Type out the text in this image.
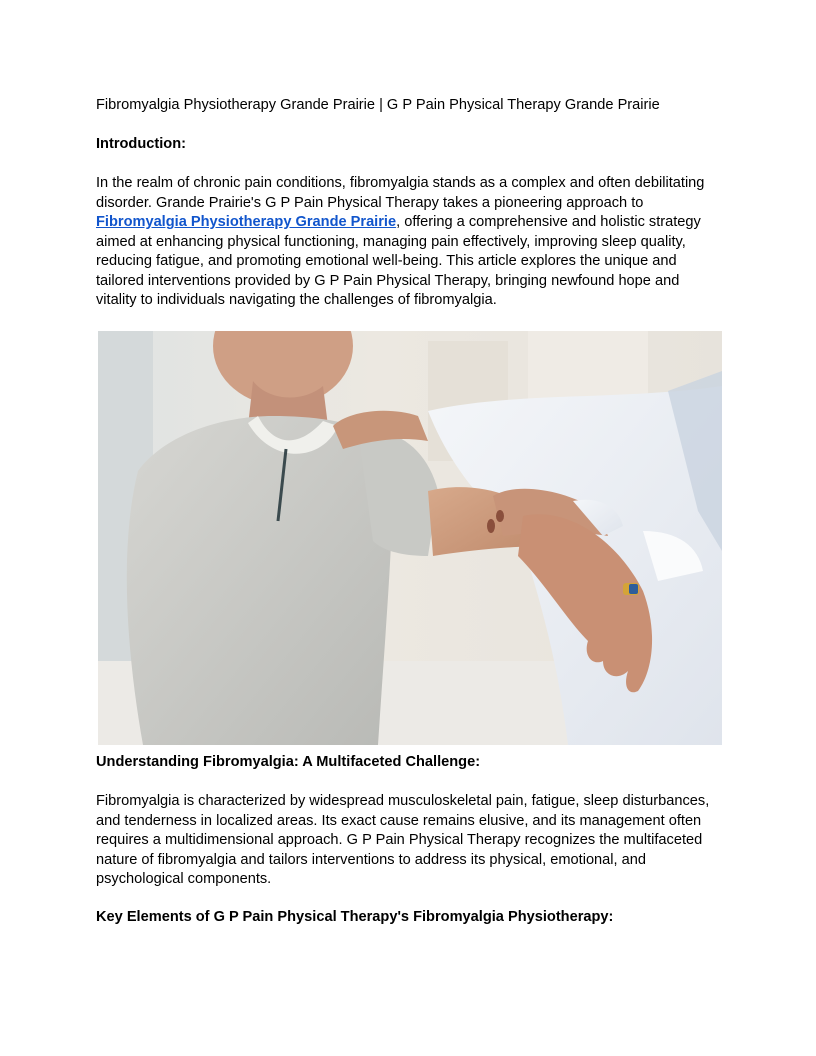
Fibromyalgia Physiotherapy Grande Prairie | G P Pain Physical Therapy Grande Prairie
Introduction:
In the realm of chronic pain conditions, fibromyalgia stands as a complex and often debilitating
disorder. Grande Prairie's G P Pain Physical Therapy takes a pioneering approach to
Fibromyalgia Physiotherapy Grande Prairie, offering a comprehensive and holistic strategy
aimed at enhancing physical functioning, managing pain effectively, improving sleep quality,
reducing fatigue, and promoting emotional well-being. This article explores the unique and
tailored interventions provided by G P Pain Physical Therapy, bringing newfound hope and
vitality to individuals navigating the challenges of fibromyalgia.
Understanding Fibromyalgia: A Multifaceted Challenge:
Fibromyalgia is characterized by widespread musculoskeletal pain, fatigue, sleep disturbances,
and tenderness in localized areas. Its exact cause remains elusive, and its management often
requires a multidimensional approach. G P Pain Physical Therapy recognizes the multifaceted
nature of fibromyalgia and tailors interventions to address its physical, emotional, and
psychological components.
Key Elements of G P Pain Physical Therapy's Fibromyalgia Physiotherapy:
